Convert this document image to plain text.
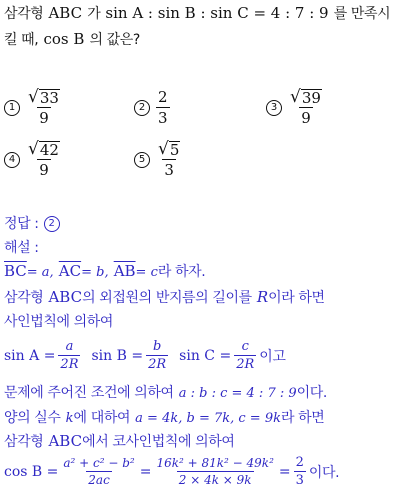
삼각형 ABC 가 sin A : sin B : sin C = 4 : 7 : 9 를 만족시
킬 때, cos B 의 값은?
$1 \frac{√ 33}{9}$	$2 \frac{2}{3}$	$3 \frac{√ 39}{9}$
$4 \frac{√ 42}{9}$	$5 \frac{√ 5}{3}$
정답 : 2
해설 :
$\overline{BC}= a$, $\overline{AC}= b$, $\overline{AB}= c$라 하자.
삼각형 ABC의 외접원의 반지름의 길이를 R이라 하면
사인법칙에 의하여
$\sin A = \frac{a}{2R}$ $\sin B = \frac{b}{2R}$ $\sin C = \frac{c}{2R}$ 이고
문제에 주어진 조건에 의하여 a : b : c = 4 : 7 : 9이다.
양의 실수 k에 대하여 a = 4k, b = 7k, c = 9k라 하면
삼각형 ABC에서 코사인법칙에 의하여
$\cos B = \frac{\text{a² + c² − b²}}{2ac} = \frac{\text{16k² + 81k² − 49k²}}{2 \times 4k \times 9k} = \frac{2}{3}$ 이다.
